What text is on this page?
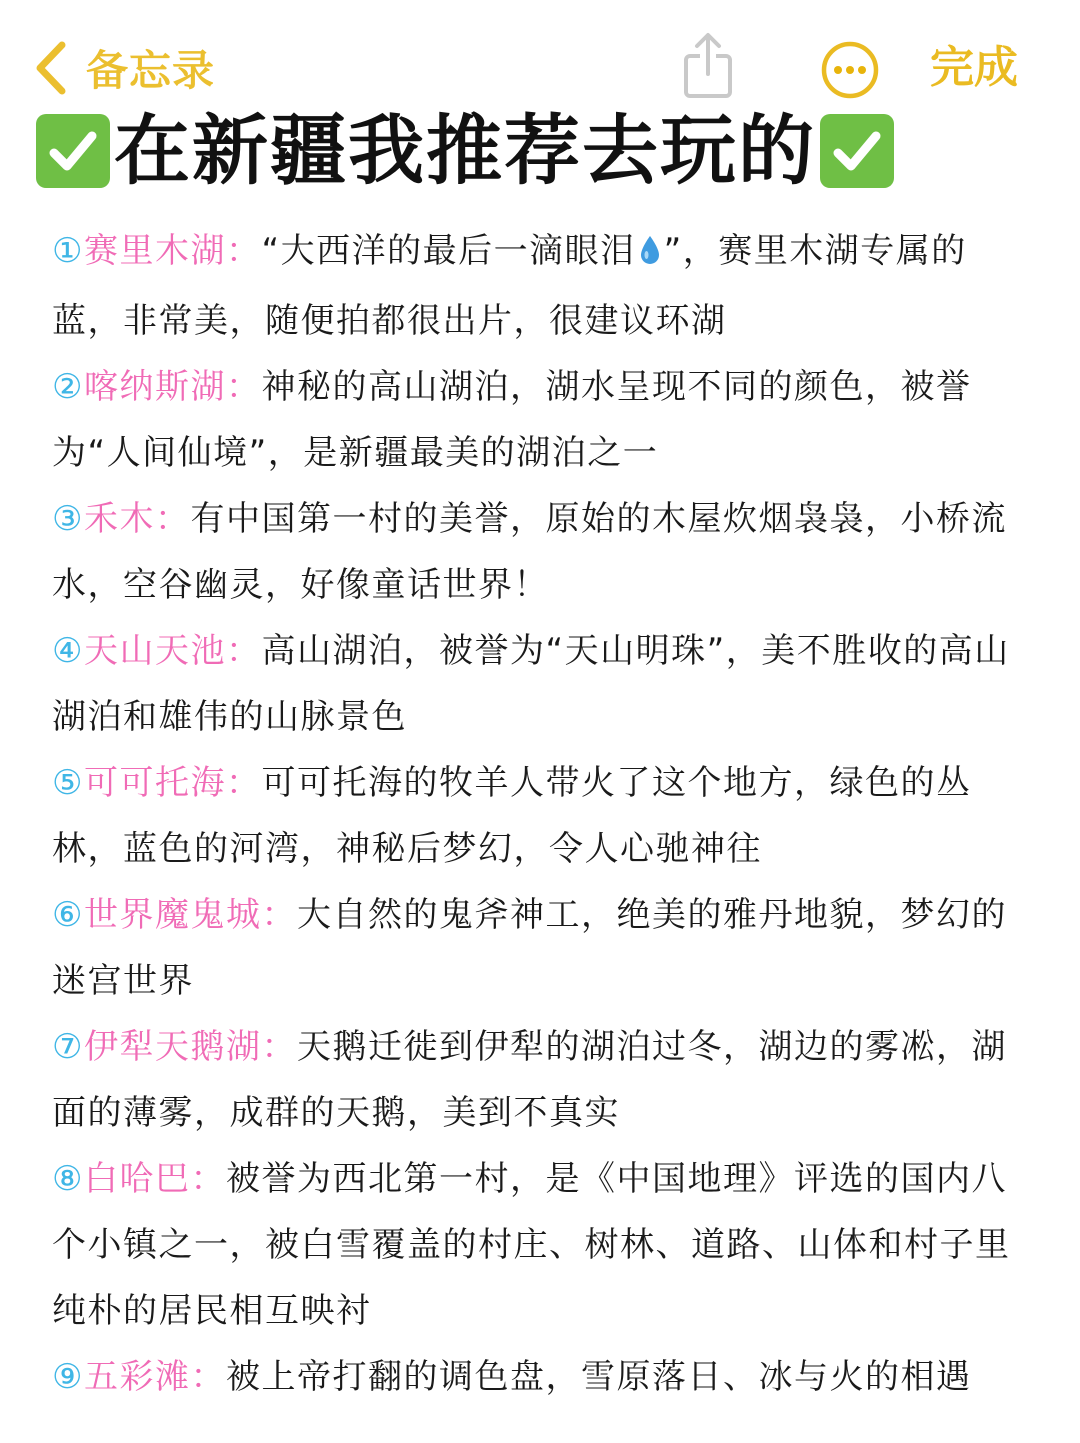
备忘录	完成
在新疆我推荐去玩的
①赛里木湖：“大西洋的最后一滴眼泪 ”，赛里木湖专属的蓝，非常美，随便拍都很出片，很建议环湖
②喀纳斯湖：神秘的高山湖泊，湖水呈现不同的颜色，被誉为“人间仙境”，是新疆最美的湖泊之一
③禾木：有中国第一村的美誉，原始的木屋炊烟袅袅，小桥流水，空谷幽灵，好像童话世界！
④天山天池：高山湖泊，被誉为“天山明珠”，美不胜收的高山湖泊和雄伟的山脉景色
⑤可可托海：可可托海的牧羊人带火了这个地方，绿色的丛林，蓝色的河湾，神秘后梦幻，令人心驰神往
⑥世界魔鬼城：大自然的鬼斧神工，绝美的雅丹地貌，梦幻的迷宫世界
⑦伊犁天鹅湖：天鹅迁徙到伊犁的湖泊过冬，湖边的雾凇，湖面的薄雾，成群的天鹅，美到不真实
⑧白哈巴：被誉为西北第一村，是《中国地理》评选的国内八个小镇之一，被白雪覆盖的村庄、树林、道路、山体和村子里纯朴的居民相互映衬
⑨五彩滩：被上帝打翻的调色盘，雪原落日、冰与火的相遇
